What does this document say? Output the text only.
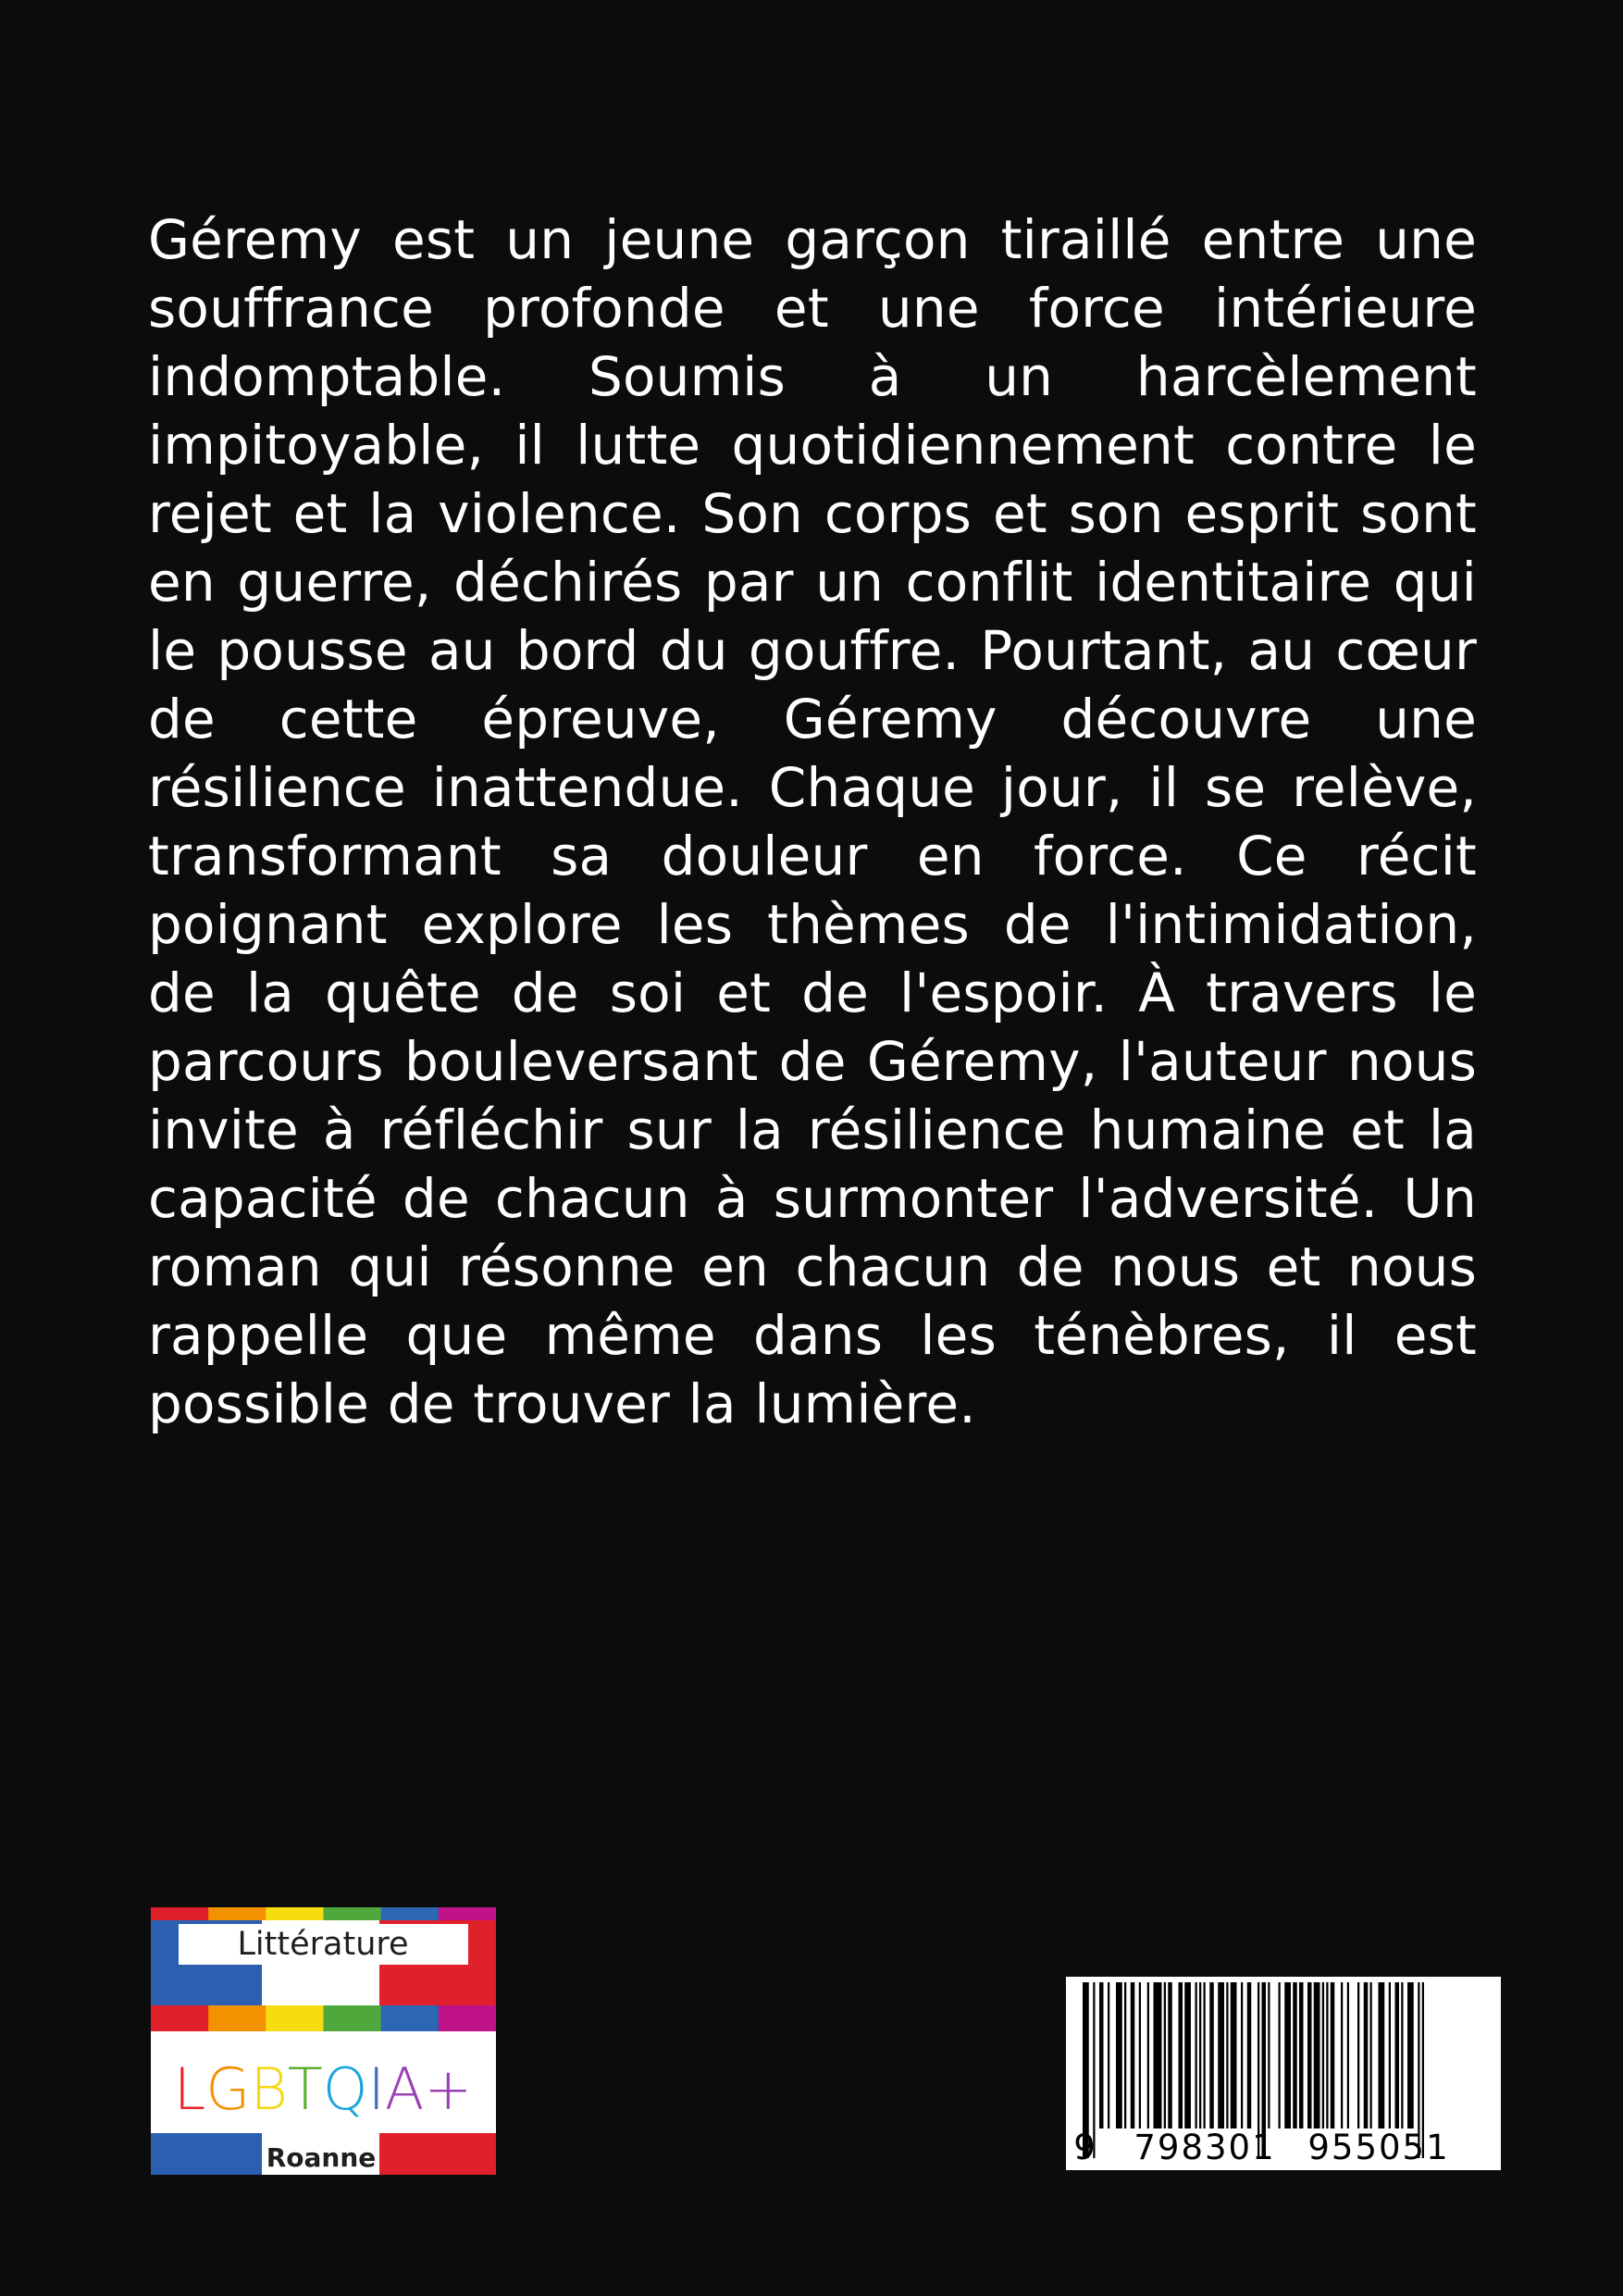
Géremy est un jeune garçon tiraillé entre une souffrance profonde et une force intérieure indomptable. Soumis à un harcèlement impitoyable, il lutte quotidiennement contre le rejet et la violence. Son corps et son esprit sont en guerre, déchirés par un conflit identitaire qui le pousse au bord du gouffre. Pourtant, au cœur de cette épreuve, Géremy découvre une résilience inattendue. Chaque jour, il se relève, transformant sa douleur en force. Ce récit poignant explore les thèmes de l'intimidation, de la quête de soi et de l'espoir. À travers le parcours bouleversant de Géremy, l'auteur nous invite à réfléchir sur la résilience humaine et la capacité de chacun à surmonter l'adversité. Un roman qui résonne en chacun de nous et nous rappelle que même dans les ténèbres, il est possible de trouver la lumière.

Littérature
LGBTQIA+
Roanne	9 798301 955051
